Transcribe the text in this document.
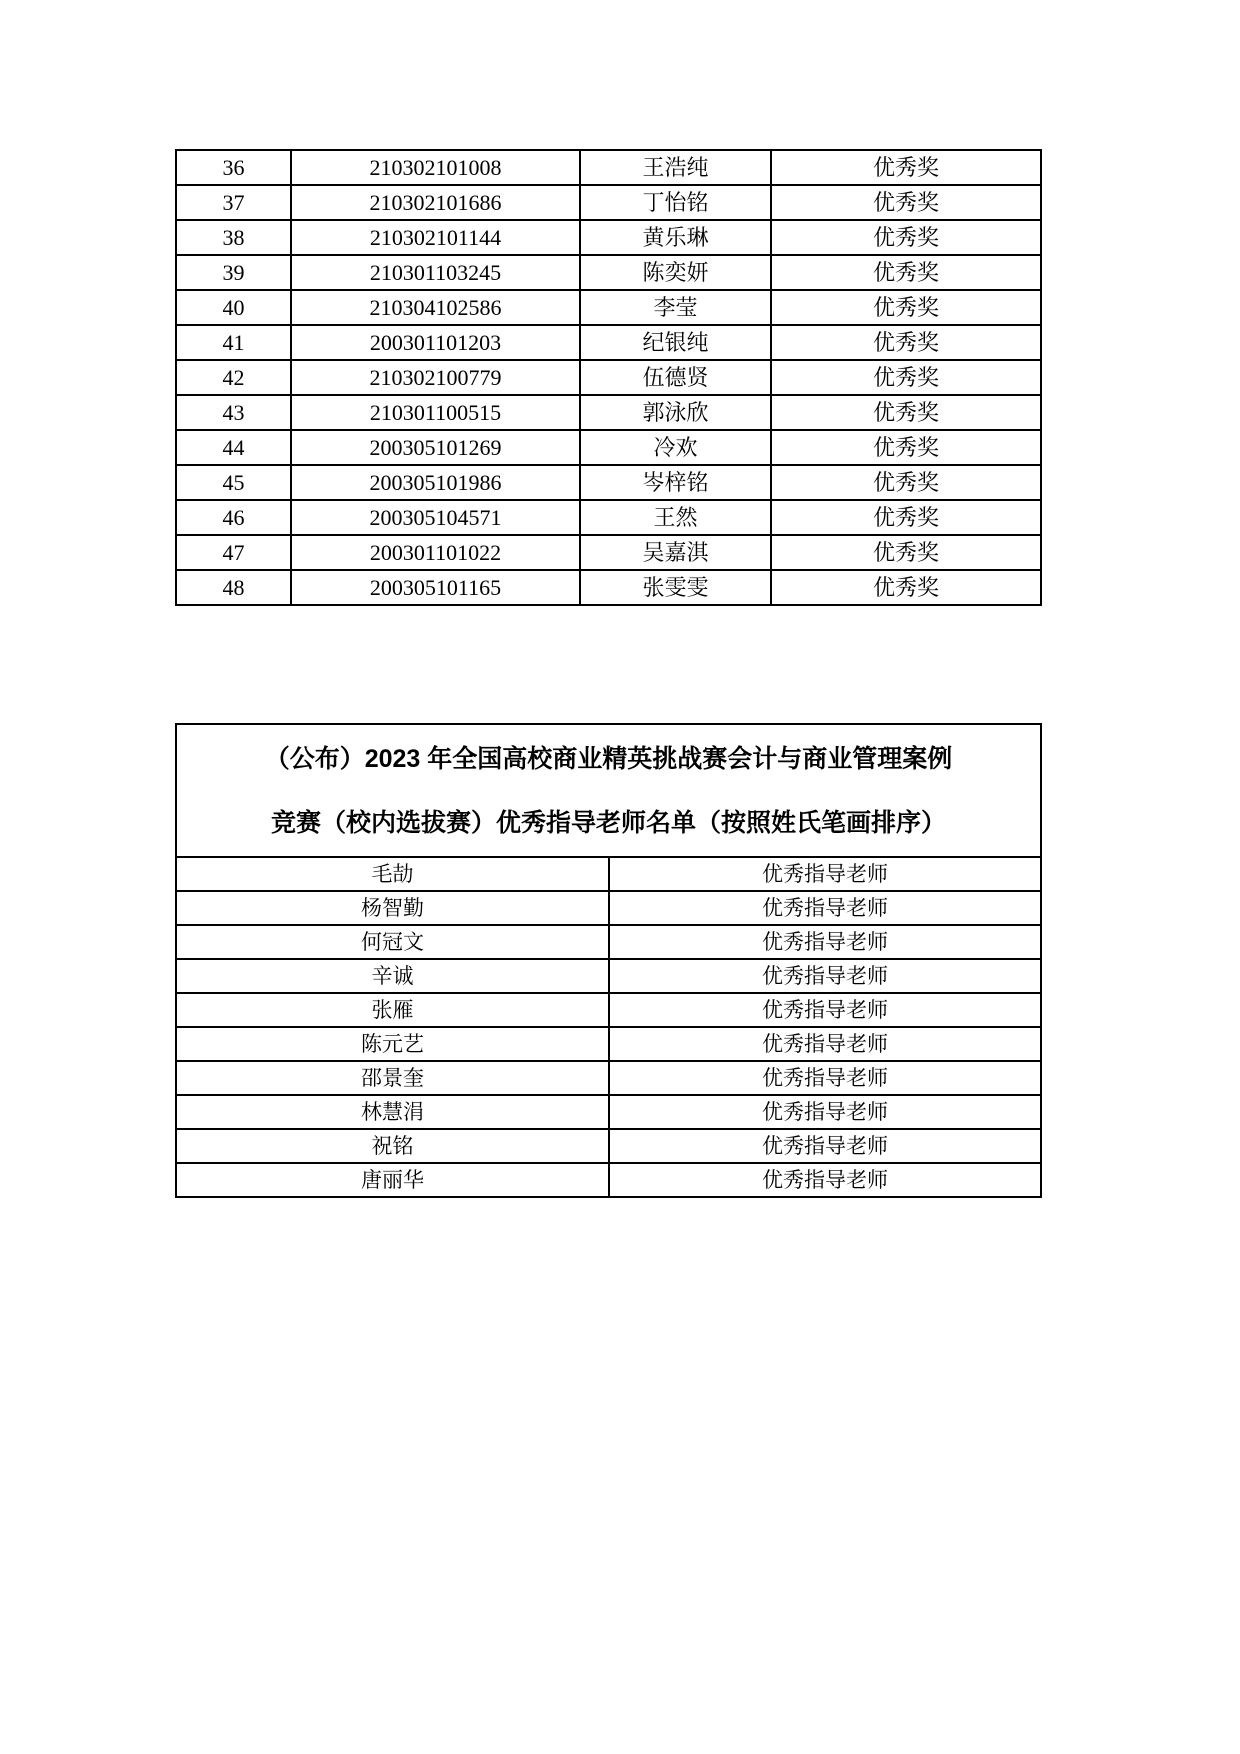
36	210302101008	王浩纯	优秀奖
37	210302101686	丁怡铭	优秀奖
38	210302101144	黄乐琳	优秀奖
39	210301103245	陈奕妍	优秀奖
40	210304102586	李莹	优秀奖
41	200301101203	纪银纯	优秀奖
42	210302100779	伍德贤	优秀奖
43	210301100515	郭泳欣	优秀奖
44	200305101269	冷欢	优秀奖
45	200305101986	岑梓铭	优秀奖
46	200305104571	王然	优秀奖
47	200301101022	吴嘉淇	优秀奖
48	200305101165	张雯雯	优秀奖
（公布）2023 年全国高校商业精英挑战赛会计与商业管理案例
竞赛（校内选拔赛）优秀指导老师名单（按照姓氏笔画排序）	

毛劼	优秀指导老师
杨智勤	优秀指导老师
何冠文	优秀指导老师
辛诚	优秀指导老师
张雁	优秀指导老师
陈元艺	优秀指导老师
邵景奎	优秀指导老师
林慧涓	优秀指导老师
祝铭	优秀指导老师
唐丽华	优秀指导老师
